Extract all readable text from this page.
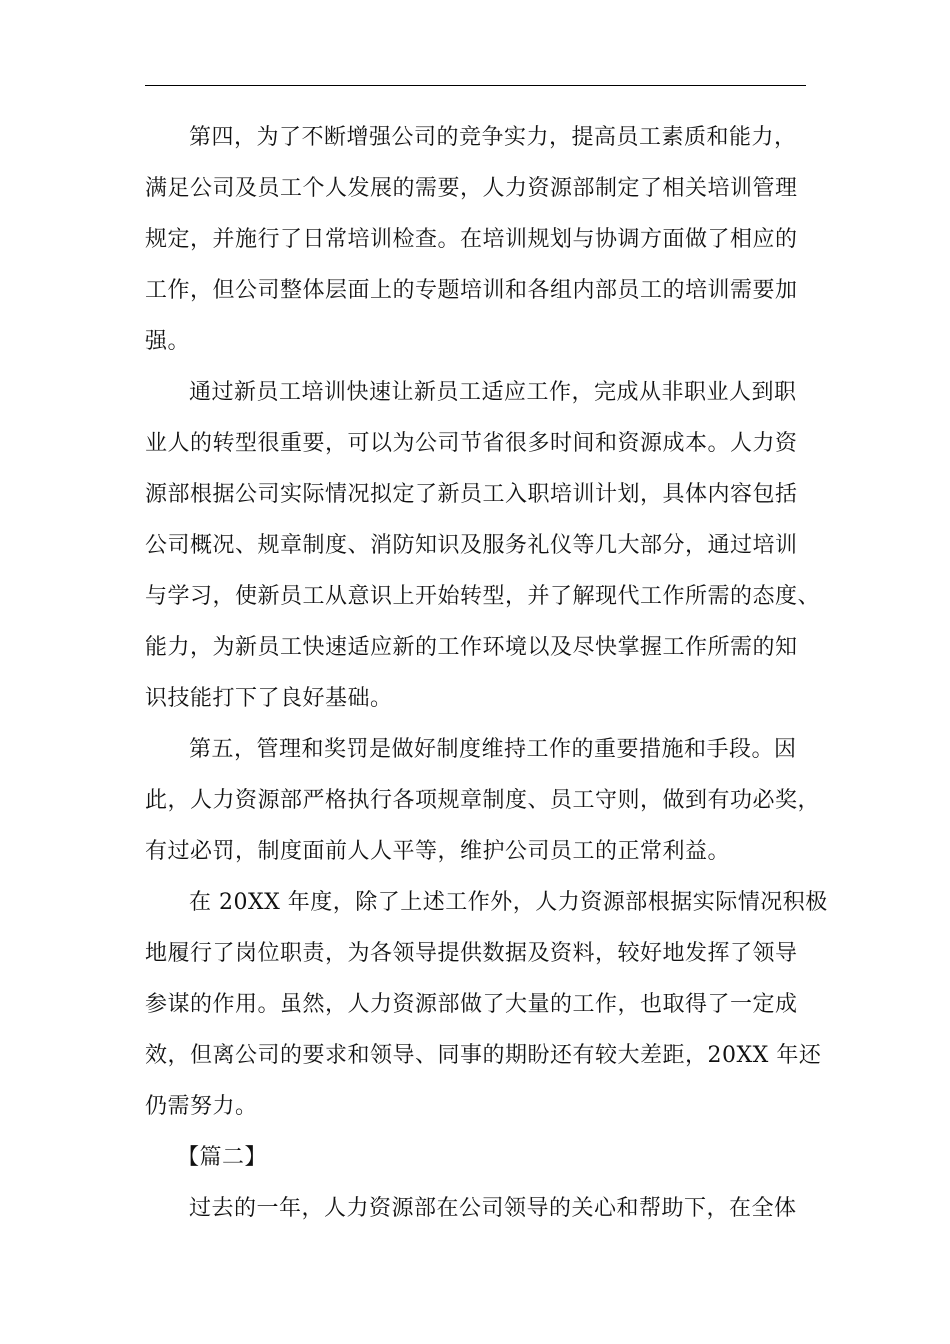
第四，为了不断增强公司的竞争实力，提高员工素质和能力，
满足公司及员工个人发展的需要，人力资源部制定了相关培训管理
规定，并施行了日常培训检查。在培训规划与协调方面做了相应的
工作，但公司整体层面上的专题培训和各组内部员工的培训需要加
强。
通过新员工培训快速让新员工适应工作，完成从非职业人到职
业人的转型很重要，可以为公司节省很多时间和资源成本。人力资
源部根据公司实际情况拟定了新员工入职培训计划，具体内容包括
公司概况、规章制度、消防知识及服务礼仪等几大部分，通过培训
与学习，使新员工从意识上开始转型，并了解现代工作所需的态度、
能力，为新员工快速适应新的工作环境以及尽快掌握工作所需的知
识技能打下了良好基础。
第五，管理和奖罚是做好制度维持工作的重要措施和手段。因
此，人力资源部严格执行各项规章制度、员工守则，做到有功必奖，
有过必罚，制度面前人人平等，维护公司员工的正常利益。
在 20XX 年度，除了上述工作外，人力资源部根据实际情况积极
地履行了岗位职责，为各领导提供数据及资料，较好地发挥了领导
参谋的作用。虽然，人力资源部做了大量的工作，也取得了一定成
效，但离公司的要求和领导、同事的期盼还有较大差距，20XX 年还
仍需努力。
【篇二】
过去的一年，人力资源部在公司领导的关心和帮助下，在全体
